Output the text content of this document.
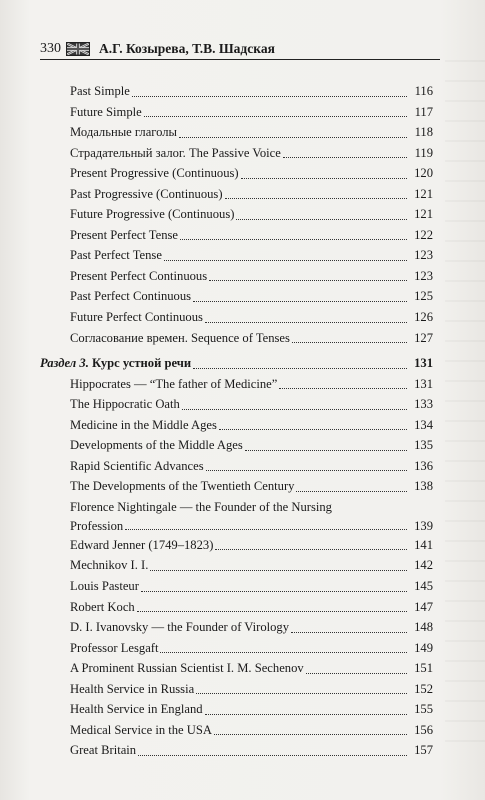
330	А.Г. Козырева, Т.В. Шадская
Past Simple	116
Future Simple	117
Модальные глаголы	118
Страдательный залог. The Passive Voice	119
Present Progressive (Continuous)	120
Past Progressive (Continuous)	121
Future Progressive (Continuous)	121
Present Perfect Tense	122
Past Perfect Tense	123
Present Perfect Continuous	123
Past Perfect Continuous	125
Future Perfect Continuous	126
Согласование времен. Sequence of Tenses	127
Раздел 3. Курс устной речи	131
Hippocrates — “The father of Medicine”	131
The Hippocratic Oath	133
Medicine in the Middle Ages	134
Developments of the Middle Ages	135
Rapid Scientific Advances	136
The Developments of the Twentieth Century	138
Florence Nightingale — the Founder of the Nursing
Profession	139
Edward Jenner (1749–1823)	141
Mechnikov I. I.	142
Louis Pasteur	145
Robert Koch	147
D. I. Ivanovsky — the Founder of Virology	148
Professor Lesgaft	149
A Prominent Russian Scientist I. M. Sechenov	151
Health Service in Russia	152
Health Service in England	155
Medical Service in the USA	156
Great Britain	157
